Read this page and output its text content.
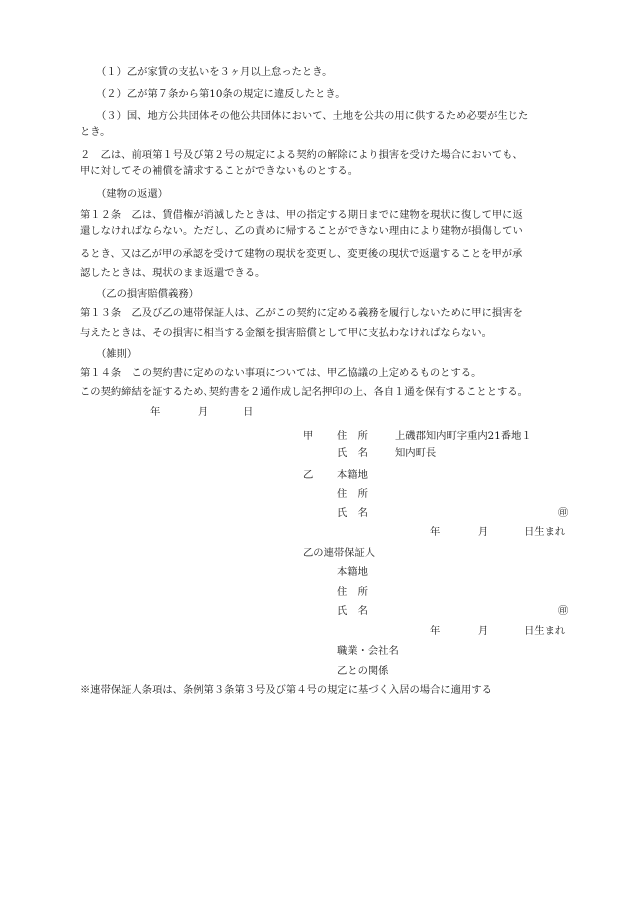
（１）乙が家賃の支払いを３ヶ月以上怠ったとき。
（２）乙が第７条から第10条の規定に違反したとき。
（３）国、地方公共団体その他公共団体において、土地を公共の用に供するため必要が生じた
とき。
２　乙は、前項第１号及び第２号の規定による契約の解除により損害を受けた場合においても、
甲に対してその補償を請求することができないものとする。
（建物の返還）
第１２条　乙は、賃借権が消滅したときは、甲の指定する期日までに建物を現状に復して甲に返
還しなければならない。ただし、乙の責めに帰することができない理由により建物が損傷してい
るとき、又は乙が甲の承認を受けて建物の現状を変更し、変更後の現状で返還することを甲が承
認したときは、現状のまま返還できる。
（乙の損害賠償義務）
第１３条　乙及び乙の連帯保証人は、乙がこの契約に定める義務を履行しないために甲に損害を
与えたときは、その損害に相当する金額を損害賠償として甲に支払わなければならない。
（雑則）
第１４条　この契約書に定めのない事項については、甲乙協議の上定めるものとする。
この契約締結を証するため､契約書を２通作成し記名押印の上、各自１通を保有することとする。
年	月	日
甲 住　所	上磯郡知内町字重内21番地１
氏　名	知内町長
乙 本籍地
住　所
氏　名	㊞
年	月	日生まれ
乙の連帯保証人
本籍地
住　所
氏　名	㊞
年	月	日生まれ
職業・会社名
乙との関係
※連帯保証人条項は、条例第３条第３号及び第４号の規定に基づく入居の場合に適用する
